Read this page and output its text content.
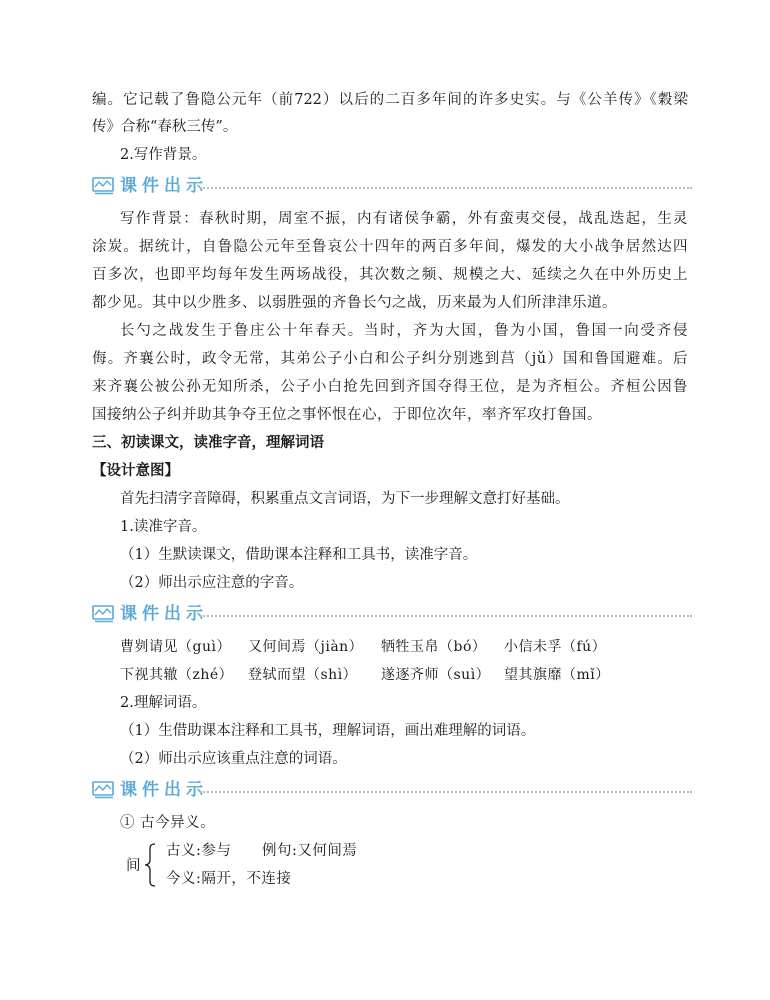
编。它记载了鲁隐公元年（前722）以后的二百多年间的许多史实。与《公羊传》《穀梁
传》合称“春秋三传”。
2.写作背景。
课件出示
写作背景：春秋时期，周室不振，内有诸侯争霸，外有蛮夷交侵，战乱迭起，生灵
涂炭。据统计，自鲁隐公元年至鲁哀公十四年的两百多年间，爆发的大小战争居然达四
百多次，也即平均每年发生两场战役，其次数之频、规模之大、延续之久在中外历史上
都少见。其中以少胜多、以弱胜强的齐鲁长勺之战，历来最为人们所津津乐道。
长勺之战发生于鲁庄公十年春天。当时，齐为大国，鲁为小国，鲁国一向受齐侵
侮。齐襄公时，政令无常，其弟公子小白和公子纠分别逃到莒（jǔ）国和鲁国避难。后
来齐襄公被公孙无知所杀，公子小白抢先回到齐国夺得王位，是为齐桓公。齐桓公因鲁
国接纳公子纠并助其争夺王位之事怀恨在心，于即位次年，率齐军攻打鲁国。
三、初读课文，读准字音，理解词语
【设计意图】
首先扫清字音障碍，积累重点文言词语，为下一步理解文意打好基础。
1.读准字音。
（1）生默读课文，借助课本注释和工具书，读准字音。
（2）师出示应注意的字音。
课件出示
曹刿请见（guì） 又何间焉（jiàn） 牺牲玉帛（bó） 小信未孚（fú）
下视其辙（zhé） 登轼而望（shì） 遂逐齐师（suì） 望其旗靡（mǐ）
2.理解词语。
（1）生借助课本注释和工具书，理解词语，画出难理解的词语。
（2）师出示应该重点注意的词语。
课件出示
① 古今异义。
间
古义:参与 例句:又何间焉
今义:隔开，不连接
